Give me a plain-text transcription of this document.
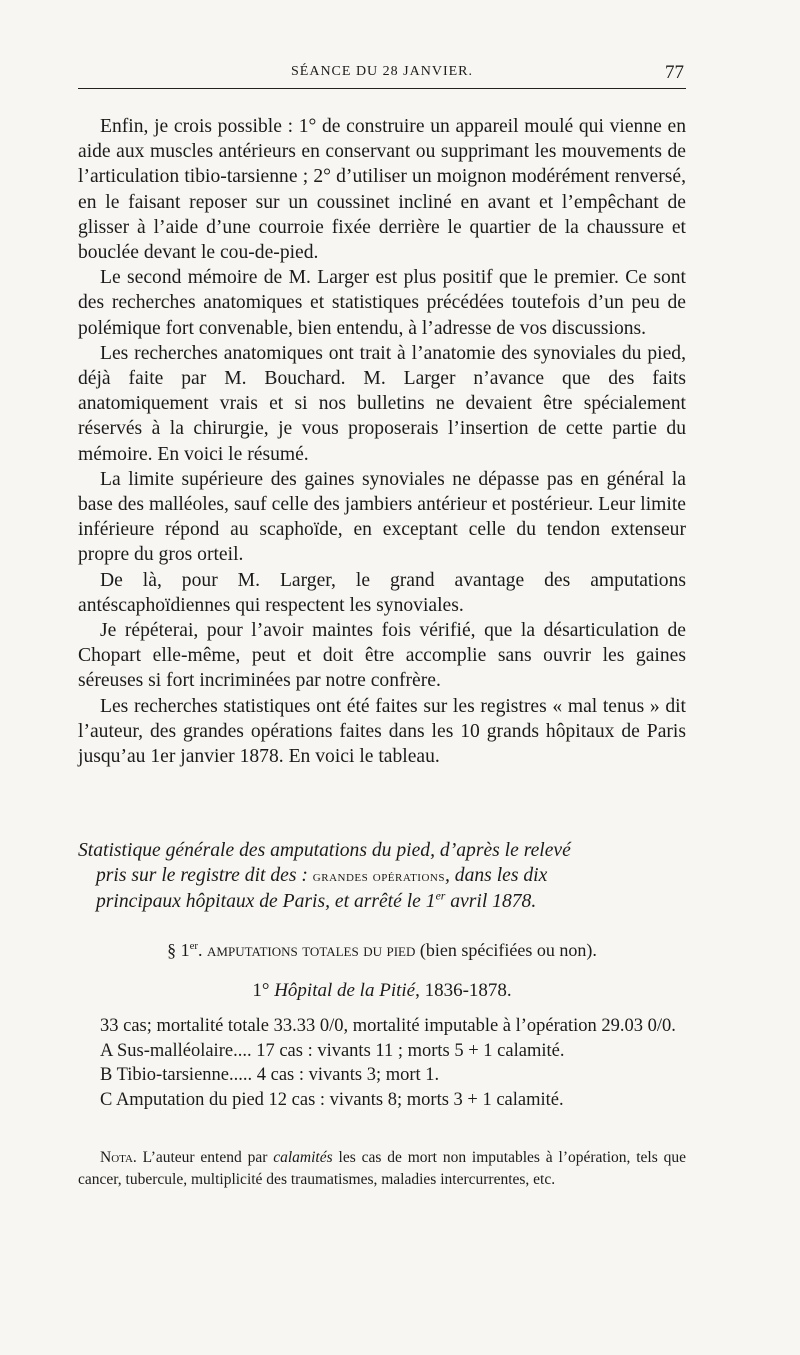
SÉANCE DU 28 JANVIER.	77

Enfin, je crois possible : 1° de construire un appareil moulé qui vienne en aide aux muscles antérieurs en conservant ou supprimant les mouvements de l’articulation tibio-tarsienne ; 2° d’utiliser un moignon modérément renversé, en le faisant reposer sur un coussinet incliné en avant et l’empêchant de glisser à l’aide d’une courroie fixée derrière le quartier de la chaussure et bouclée devant le cou-de-pied.

Le second mémoire de M. Larger est plus positif que le premier. Ce sont des recherches anatomiques et statistiques précédées toutefois d’un peu de polémique fort convenable, bien entendu, à l’adresse de vos discussions.

Les recherches anatomiques ont trait à l’anatomie des synoviales du pied, déjà faite par M. Bouchard. M. Larger n’avance que des faits anatomiquement vrais et si nos bulletins ne devaient être spécialement réservés à la chirurgie, je vous proposerais l’insertion de cette partie du mémoire. En voici le résumé.

La limite supérieure des gaines synoviales ne dépasse pas en général la base des malléoles, sauf celle des jambiers antérieur et postérieur. Leur limite inférieure répond au scaphoïde, en exceptant celle du tendon extenseur propre du gros orteil.

De là, pour M. Larger, le grand avantage des amputations antéscaphoïdiennes qui respectent les synoviales.

Je répéterai, pour l’avoir maintes fois vérifié, que la désarticulation de Chopart elle-même, peut et doit être accomplie sans ouvrir les gaines séreuses si fort incriminées par notre confrère.

Les recherches statistiques ont été faites sur les registres « mal tenus » dit l’auteur, des grandes opérations faites dans les 10 grands hôpitaux de Paris jusqu’au 1er janvier 1878. En voici le tableau.

Statistique générale des amputations du pied, d’après le relevé
pris sur le registre dit des : grandes opérations, dans les dix
principaux hôpitaux de Paris, et arrêté le 1er avril 1878.
§ 1er. amputations totales du pied (bien spécifiées ou non).
1° Hôpital de la Pitié, 1836-1878.

33 cas; mortalité totale 33.33 0/0, mortalité imputable à l’opération 29.03 0/0.

A Sus-malléolaire.... 17 cas : vivants 11 ; morts 5 + 1 calamité.

B Tibio-tarsienne..... 4 cas : vivants 3; mort 1.

C Amputation du pied 12 cas : vivants 8; morts 3 + 1 calamité.

Nota. L’auteur entend par calamités les cas de mort non imputables à l’opération, tels que cancer, tubercule, multiplicité des traumatismes, maladies intercurrentes, etc.
